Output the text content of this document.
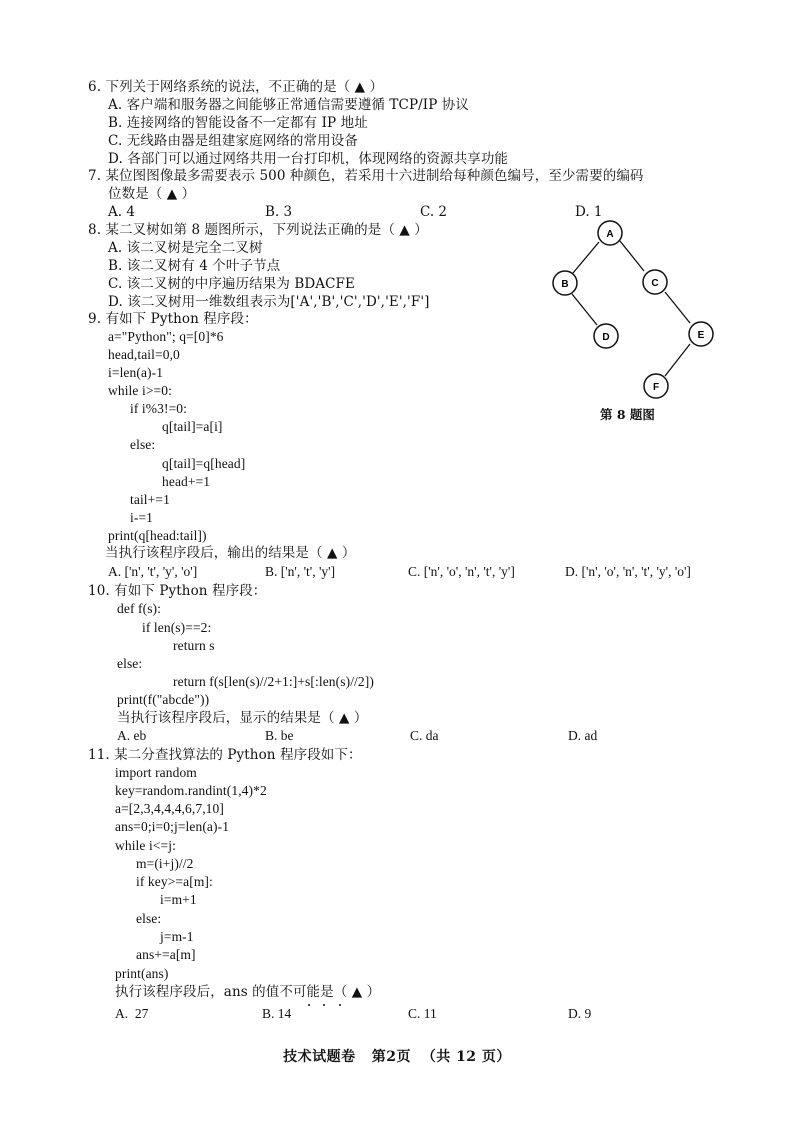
6. 下列关于网络系统的说法，不正确的是（ ▲ ）
A. 客户端和服务器之间能够正常通信需要遵循 TCP/IP 协议
B. 连接网络的智能设备不一定都有 IP 地址
C. 无线路由器是组建家庭网络的常用设备
D. 各部门可以通过网络共用一台打印机，体现网络的资源共享功能
7. 某位图图像最多需要表示 500 种颜色，若采用十六进制给每种颜色编号，至少需要的编码
位数是（ ▲ ）
A. 4	B. 3	C. 2	D. 1
8. 某二叉树如第 8 题图所示，下列说法正确的是（ ▲ ）
A. 该二叉树是完全二叉树
B. 该二叉树有 4 个叶子节点
C. 该二叉树的中序遍历结果为 BDACFE
D. 该二叉树用一维数组表示为['A','B','C','D','E','F']
A
B	C
D	E
F
第 8 题图
9. 有如下 Python 程序段：
a="Python"; q=[0]*6
head,tail=0,0
i=len(a)-1
while i>=0:
if i%3!=0:
q[tail]=a[i]
else:
q[tail]=q[head]
head+=1
tail+=1
i-=1
print(q[head:tail])
当执行该程序段后，输出的结果是（ ▲ ）
A. ['n', 't', 'y', 'o']	B. ['n', 't', 'y']	C. ['n', 'o', 'n', 't', 'y']	D. ['n', 'o', 'n', 't', 'y', 'o']
10. 有如下 Python 程序段：
def f(s):
if len(s)==2:
return s
else:
return f(s[len(s)//2+1:]+s[:len(s)//2])
print(f("abcde"))
当执行该程序段后，显示的结果是（ ▲ ）
A. eb	B. be	C. da	D. ad
11. 某二分查找算法的 Python 程序段如下：
import random
key=random.randint(1,4)*2
a=[2,3,4,4,4,6,7,10]
ans=0;i=0;j=len(a)-1
while i<=j:
m=(i+j)//2
if key>=a[m]:
i=m+1
else:
j=m-1
ans+=a[m]
print(ans)
执行该程序段后，ans 的值不可能是（ ▲ ）
A.  27	B. 14	C. 11	D. 9
技术试题卷   第2页  （共 12 页）
